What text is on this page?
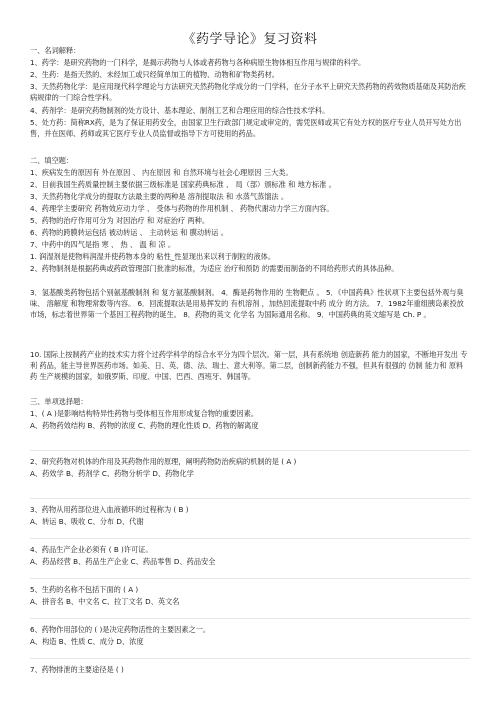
《药学导论》复习资料
一、名词解释：
1、药学：是研究药物的一门科学，是揭示药物与人体或者药物与各种病原生物体相互作用与规律的科学。
2、生药：是指天然的、未经加工或只经简单加工的植物、动物和矿物类药材。
3、天然药物化学：是应用现代科学理论与方法研究天然药物化学成分的一门学科，在分子水平上研究天然药物的药效物质基础及其防治疾病规律的一门综合性学科。
4、药剂学：是研究药物制剂的处方设计、基本理论、制剂工艺和合理应用的综合性技术学科。
5、处方药：简称RX药，是为了保证用药安全，由国家卫生行政部门规定或审定的，需凭医师或其它有处方权的医疗专业人员开写处方出售，并在医师、药师或其它医疗专业人员监督或指导下方可使用的药品。
二、填空题：
1、疾病发生的原因有 外在原因 、 内在原因 和 自然环境与社会心理原因 三大类。
2、目前我国生药质量控制主要依据三级标准是 国家药典标准 、 局（部）颁标准 和 地方标准 。
3、天然药物化学成分的提取方法最主要的两种是 溶剂提取法 和 水蒸气蒸馏法 。
4、药理学主要研究 药物效应动力学 、 受体与药物的作用机制 、 药物代谢动力学三方面内容。
5、药物的治疗作用可分为 对因治疗 和 对症治疗 两种。
6、药物的跨膜转运包括 被动转运 、 主动转运 和 膜动转运 。
7、中药中的四气是指 寒 、 热 、 温 和 凉 。
1. 润湿剂是使物料润湿并使药物本身的 粘性_性显现出来以利于制粒的液体。
2、药物制剂是根据药典或药政管理部门批准的标准，为适应 治疗和预防 的需要而制备的不同给药形式的具体品种。
3．氢基酸类药物包括个别氨基酸制剂 和 复方氨基酸制剂。 4．酶是药物作用的 生物靶点 。 5．《中国药典》性状项下主要包括外观与臭味、 溶解度 和物理常数等内容。 6．回流提取法是用易挥发的 有机溶剂 ，加热回流提取中药 成分 的方法。 7．1982年重组胰岛素投放市场，标志着世界第一个基因工程药物的诞生。 8．药物的英文 化学名 为国际通用名称。 9．中国药典的英文缩写是 Ch. P 。
10. 国际上按制药产业的技术实力将个过药学科学的综合水平分为四个层次。第一层，具有系统地 创造新药 能力的国家，不断地开发出 专利 药品，能主导世界医药市场。如美、日、英、德、法、瑞士、意大利等。第二层，创制新药能力不强，但具有很强的 仿制 能力和 原料药 生产规模的国家，如俄罗斯、印度、中国、巴西、西班牙、韩国等。
三、单项选择题：
1、( A )是影响结构特异性药物与受体相互作用形成复合物的重要因素。
A、药物药效结构 B、药物的浓度 C、药物的理化性质 D、药物的解离度
2、研究药物对机体的作用及其药物作用的原理，阐明药物防治疾病的机制的是 ( A )
A、药效学 B、药剂学 C、药物分析学 D、药物化学
3、药物从用药部位进入血液循环的过程称为 ( B )
A、转运 B、吸收 C、分布 D、代谢
4、药品生产企业必须有 ( B )许可证。
A、药品经营 B、药品生产企业 C、药品零售 D、药品安全
5、生药的名称不包括下面的 ( A )
A、拼音名 B、中文名 C、拉丁文名 D、英文名
6、药物作用部位的 ( )是决定药物活性的主要因素之一。
A、构造 B、性质 C、成分 D、浓度
7、药物排泄的主要途径是 ( )
